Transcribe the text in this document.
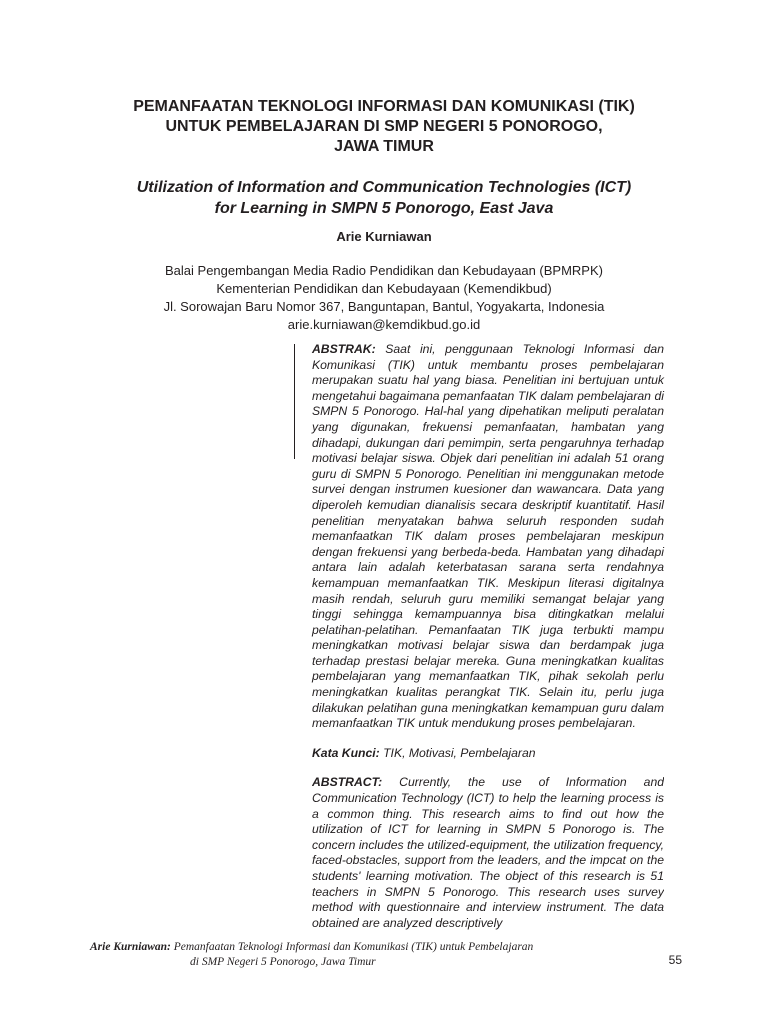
PEMANFAATAN TEKNOLOGI INFORMASI DAN KOMUNIKASI (TIK)
UNTUK PEMBELAJARAN DI SMP NEGERI 5 PONOROGO,
JAWA TIMUR
Utilization of Information and Communication Technologies (ICT)
for Learning in SMPN 5 Ponorogo, East Java

Arie Kurniawan

Balai Pengembangan Media Radio Pendidikan dan Kebudayaan (BPMRPK)
Kementerian Pendidikan dan Kebudayaan (Kemendikbud)
Jl. Sorowajan Baru Nomor 367, Banguntapan, Bantul, Yogyakarta, Indonesia
arie.kurniawan@kemdikbud.go.id

ABSTRAK: Saat ini, penggunaan Teknologi Informasi dan Komunikasi (TIK) untuk membantu proses pembelajaran merupakan suatu hal yang biasa. Penelitian ini bertujuan untuk mengetahui bagaimana pemanfaatan TIK dalam pembelajaran di SMPN 5 Ponorogo. Hal-hal yang dipehatikan meliputi peralatan yang digunakan, frekuensi pemanfaatan, hambatan yang dihadapi, dukungan dari pemimpin, serta pengaruhnya terhadap motivasi belajar siswa. Objek dari penelitian ini adalah 51 orang guru di SMPN 5 Ponorogo. Penelitian ini menggunakan metode survei dengan instrumen kuesioner dan wawancara. Data yang diperoleh kemudian dianalisis secara deskriptif kuantitatif. Hasil penelitian menyatakan bahwa seluruh responden sudah memanfaatkan TIK dalam proses pembelajaran meskipun dengan frekuensi yang berbeda-beda. Hambatan yang dihadapi antara lain adalah keterbatasan sarana serta rendahnya kemampuan memanfaatkan TIK. Meskipun literasi digitalnya masih rendah, seluruh guru memiliki semangat belajar yang tinggi sehingga kemampuannya bisa ditingkatkan melalui pelatihan-pelatihan. Pemanfaatan TIK juga terbukti mampu meningkatkan motivasi belajar siswa dan berdampak juga terhadap prestasi belajar mereka. Guna meningkatkan kualitas pembelajaran yang memanfaatkan TIK, pihak sekolah perlu meningkatkan kualitas perangkat TIK. Selain itu, perlu juga dilakukan pelatihan guna meningkatkan kemampuan guru dalam memanfaatkan TIK untuk mendukung proses pembelajaran.

Kata Kunci: TIK, Motivasi, Pembelajaran

ABSTRACT: Currently, the use of Information and Communication Technology (ICT) to help the learning process is a common thing. This research aims to find out how the utilization of ICT for learning in SMPN 5 Ponorogo is. The concern includes the utilized-equipment, the utilization frequency, faced-obstacles, support from the leaders, and the impcat on the students' learning motivation. The object of this research is 51 teachers in SMPN 5 Ponorogo. This research uses survey method with questionnaire and interview instrument. The data obtained are analyzed descriptively

Arie Kurniawan: Pemanfaatan Teknologi Informasi dan Komunikasi (TIK) untuk Pembelajaran
di SMP Negeri 5 Ponorogo, Jawa Timur	55
